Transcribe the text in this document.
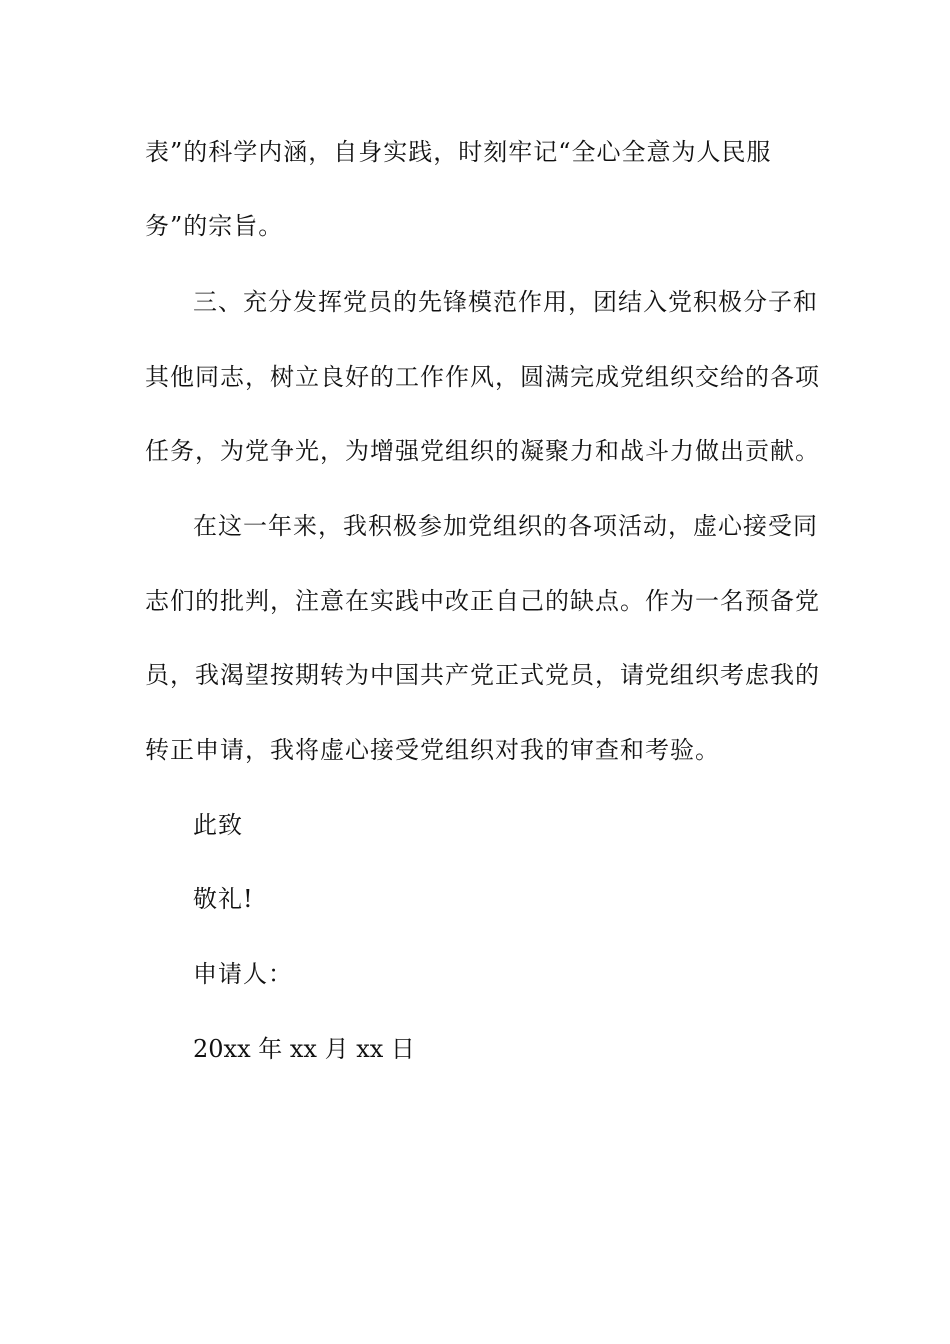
表”的科学内涵，自身实践，时刻牢记“全心全意为人民服
务”的宗旨。
三、充分发挥党员的先锋模范作用，团结入党积极分子和
其他同志，树立良好的工作作风，圆满完成党组织交给的各项
任务，为党争光，为增强党组织的凝聚力和战斗力做出贡献。
在这一年来，我积极参加党组织的各项活动，虚心接受同
志们的批判，注意在实践中改正自己的缺点。作为一名预备党
员，我渴望按期转为中国共产党正式党员，请党组织考虑我的
转正申请，我将虚心接受党组织对我的审查和考验。
此致
敬礼!
申请人：
20xx 年 xx 月 xx 日
